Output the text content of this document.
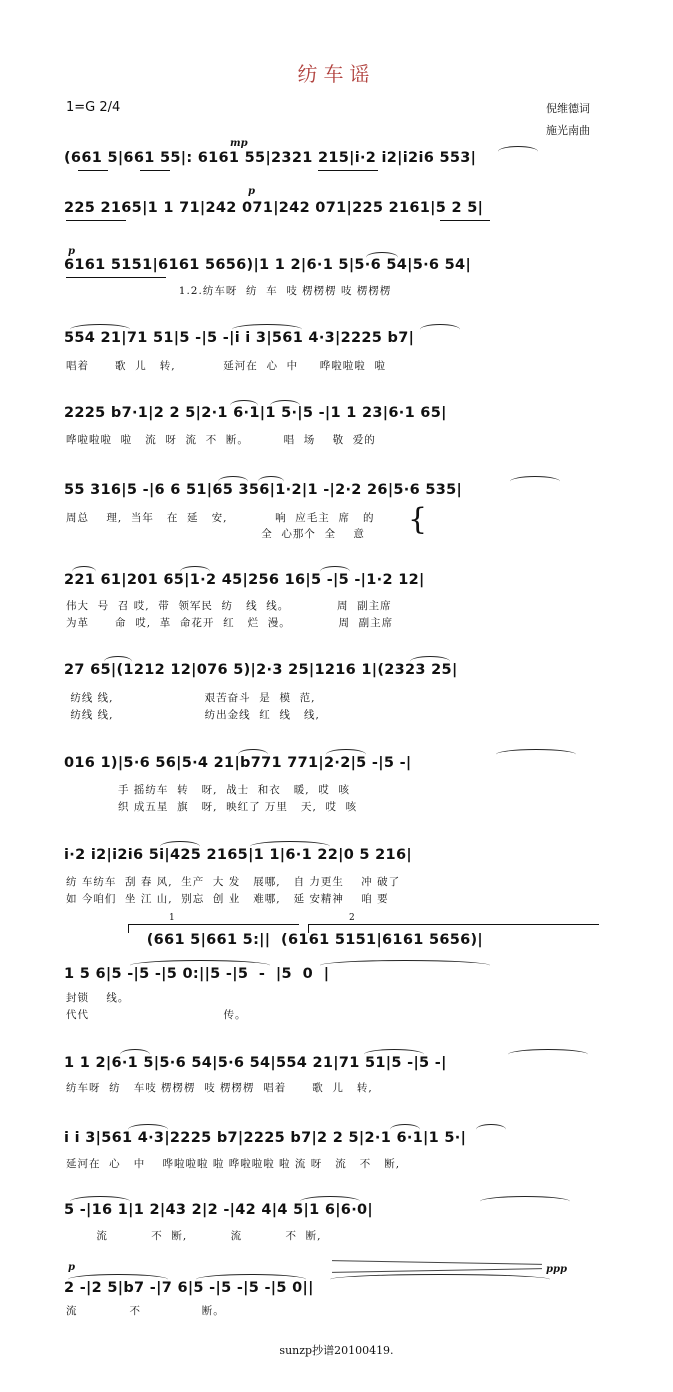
纺车谣
1=G 2/4	倪维德词
施光南曲
mp
p
p
p	ppp
(661 5|661 55|: 6161 55|2321 215|i·2 i2|i2i6 553|
225 2165|1 1 71|242 071|242 071|225 2161|5 2 5|
6161 5151|6161 5656)|1 1 2|6·1 5|5·6 54|5·6 54|
1.2.纺车呀  纺  车  吱 楞楞楞 吱 楞楞楞
554 21|71 51|5 -|5 -|i i 3|561 4·3|2225 b7|
唱着      歌  儿   转,           延河在  心  中     哗啦啦啦  啦
2225 b7·1|2 2 5|2·1 6·1|1 5·|5 -|1 1 23|6·1 65|
哗啦啦啦  啦   流  呀  流  不  断。        唱  场    敬  爱的
55 316|5 -|6 6 51|65 356|1·2|1 -|2·2 26|5·6 535|
周总    理,  当年   在  延   安,           响  应毛主  席   的
全  心那个  全    意	{
221 61|201 65|1·2 45|256 16|5 -|5 -|1·2 12|
伟大  号  召 哎,  带  领军民  纺   线  线。           周  副主席
为革      命  哎,  革  命花开  红   烂  漫。           周  副主席
27 65|(1212 12|076 5)|2·3 25|1216 1|(2323 25|
纺线 线,                     艰苦奋斗  是  模  范,
纺线 线,                     纺出金线  红  线   线,
016 1)|5·6 56|5·4 21|b771 771|2·2|5 -|5 -|
手 摇纺车  转   呀,  战士  和衣   暖,  哎  咳
织 成五星  旗   呀,  映红了 万里   天,  哎  咳
i·2 i2|i2i6 5i|425 2165|1 1|6·1 22|0 5 216|
纺 车纺车  刮 春 风,  生产  大 发   展哪,   自 力更生    冲 破了
如 今咱们  坐 江 山,  别忘  创 业   难哪,   延 安精神    咱 要
1	2
(661 5|661 5:||  (6161 5151|6161 5656)|
1 5 6|5 -|5 -|5 0:||5 -|5  -  |5  0  |
封锁    线。
代代                               传。
1 1 2|6·1 5|5·6 54|5·6 54|554 21|71 51|5 -|5 -|
纺车呀  纺   车吱 楞楞楞  吱 楞楞楞  唱着      歌  儿   转,
i i 3|561 4·3|2225 b7|2225 b7|2 2 5|2·1 6·1|1 5·|
延河在  心   中    哗啦啦啦 啦 哗啦啦啦 啦 流 呀   流   不   断,
5 -|16 1|1 2|43 2|2 -|42 4|4 5|1 6|6·0|
流          不  断,          流          不  断,
2 -|2 5|b7 -|7 6|5 -|5 -|5 -|5 0||
流            不              断。
sunzp抄谱20100419.
